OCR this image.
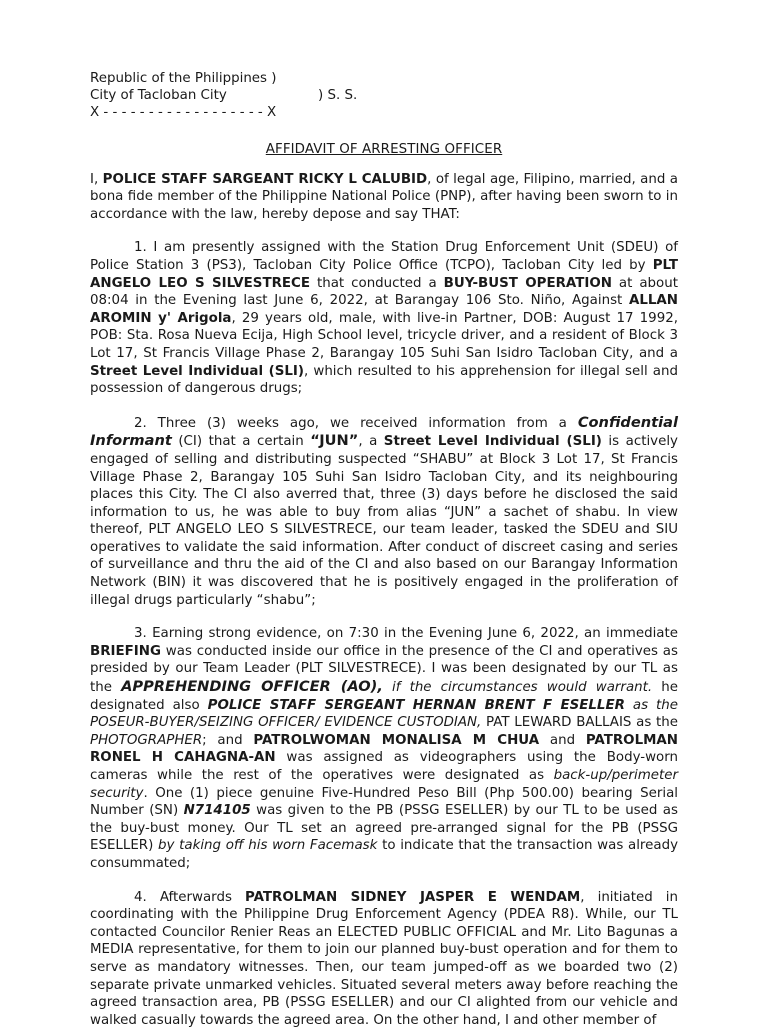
Republic of the Philippines )
City of Tacloban City	) S. S.
X - - - - - - - - - - - - - - - - - - X
AFFIDAVIT OF ARRESTING OFFICER

I, POLICE STAFF SARGEANT RICKY L CALUBID, of legal age, Filipino, married, and a bona fide member of the Philippine National Police (PNP), after having been sworn to in accordance with the law, hereby depose and say THAT:

1. I am presently assigned with the Station Drug Enforcement Unit (SDEU) of Police Station 3 (PS3), Tacloban City Police Office (TCPO), Tacloban City led by PLT ANGELO LEO S SILVESTRECE that conducted a BUY-BUST OPERATION at about 08:04 in the Evening last June 6, 2022, at Barangay 106 Sto. Niño, Against ALLAN AROMIN y' Arigola, 29 years old, male, with live-in Partner, DOB: August 17 1992, POB: Sta. Rosa Nueva Ecija, High School level, tricycle driver, and a resident of Block 3 Lot 17, St Francis Village Phase 2, Barangay 105 Suhi San Isidro Tacloban City, and a Street Level Individual (SLI), which resulted to his apprehension for illegal sell and possession of dangerous drugs;

2. Three (3) weeks ago, we received information from a Confidential Informant (CI) that a certain “JUN”, a Street Level Individual (SLI) is actively engaged of selling and distributing suspected “SHABU” at Block 3 Lot 17, St Francis Village Phase 2, Barangay 105 Suhi San Isidro Tacloban City, and its neighbouring places this City. The CI also averred that, three (3) days before he disclosed the said information to us, he was able to buy from alias “JUN” a sachet of shabu. In view thereof, PLT ANGELO LEO S SILVESTRECE, our team leader, tasked the SDEU and SIU operatives to validate the said information. After conduct of discreet casing and series of surveillance and thru the aid of the CI and also based on our Barangay Information Network (BIN) it was discovered that he is positively engaged in the proliferation of illegal drugs particularly “shabu”;

3. Earning strong evidence, on 7:30 in the Evening June 6, 2022, an immediate BRIEFING was conducted inside our office in the presence of the CI and operatives as presided by our Team Leader (PLT SILVESTRECE). I was been designated by our TL as the APPREHENDING OFFICER (AO), if the circumstances would warrant. he designated also POLICE STAFF SERGEANT HERNAN BRENT F ESELLER as the POSEUR-BUYER/SEIZING OFFICER/ EVIDENCE CUSTODIAN, PAT LEWARD BALLAIS as the PHOTOGRAPHER; and PATROLWOMAN MONALISA M CHUA and PATROLMAN RONEL H CAHAGNA-AN was assigned as videographers using the Body-worn cameras while the rest of the operatives were designated as back-up/perimeter security. One (1) piece genuine Five-Hundred Peso Bill (Php 500.00) bearing Serial Number (SN) N714105 was given to the PB (PSSG ESELLER) by our TL to be used as the buy-bust money. Our TL set an agreed pre-arranged signal for the PB (PSSG ESELLER) by taking off his worn Facemask to indicate that the transaction was already consummated;

4. Afterwards PATROLMAN SIDNEY JASPER E WENDAM, initiated in coordinating with the Philippine Drug Enforcement Agency (PDEA R8). While, our TL contacted Councilor Renier Reas an ELECTED PUBLIC OFFICIAL and Mr. Lito Bagunas a MEDIA representative, for them to join our planned buy-bust operation and for them to serve as mandatory witnesses. Then, our team jumped-off as we boarded two (2) separate private unmarked vehicles. Situated several meters away before reaching the agreed transaction area, PB (PSSG ESELLER) and our CI alighted from our vehicle and walked casually towards the agreed area. On the other hand, I and other member of
